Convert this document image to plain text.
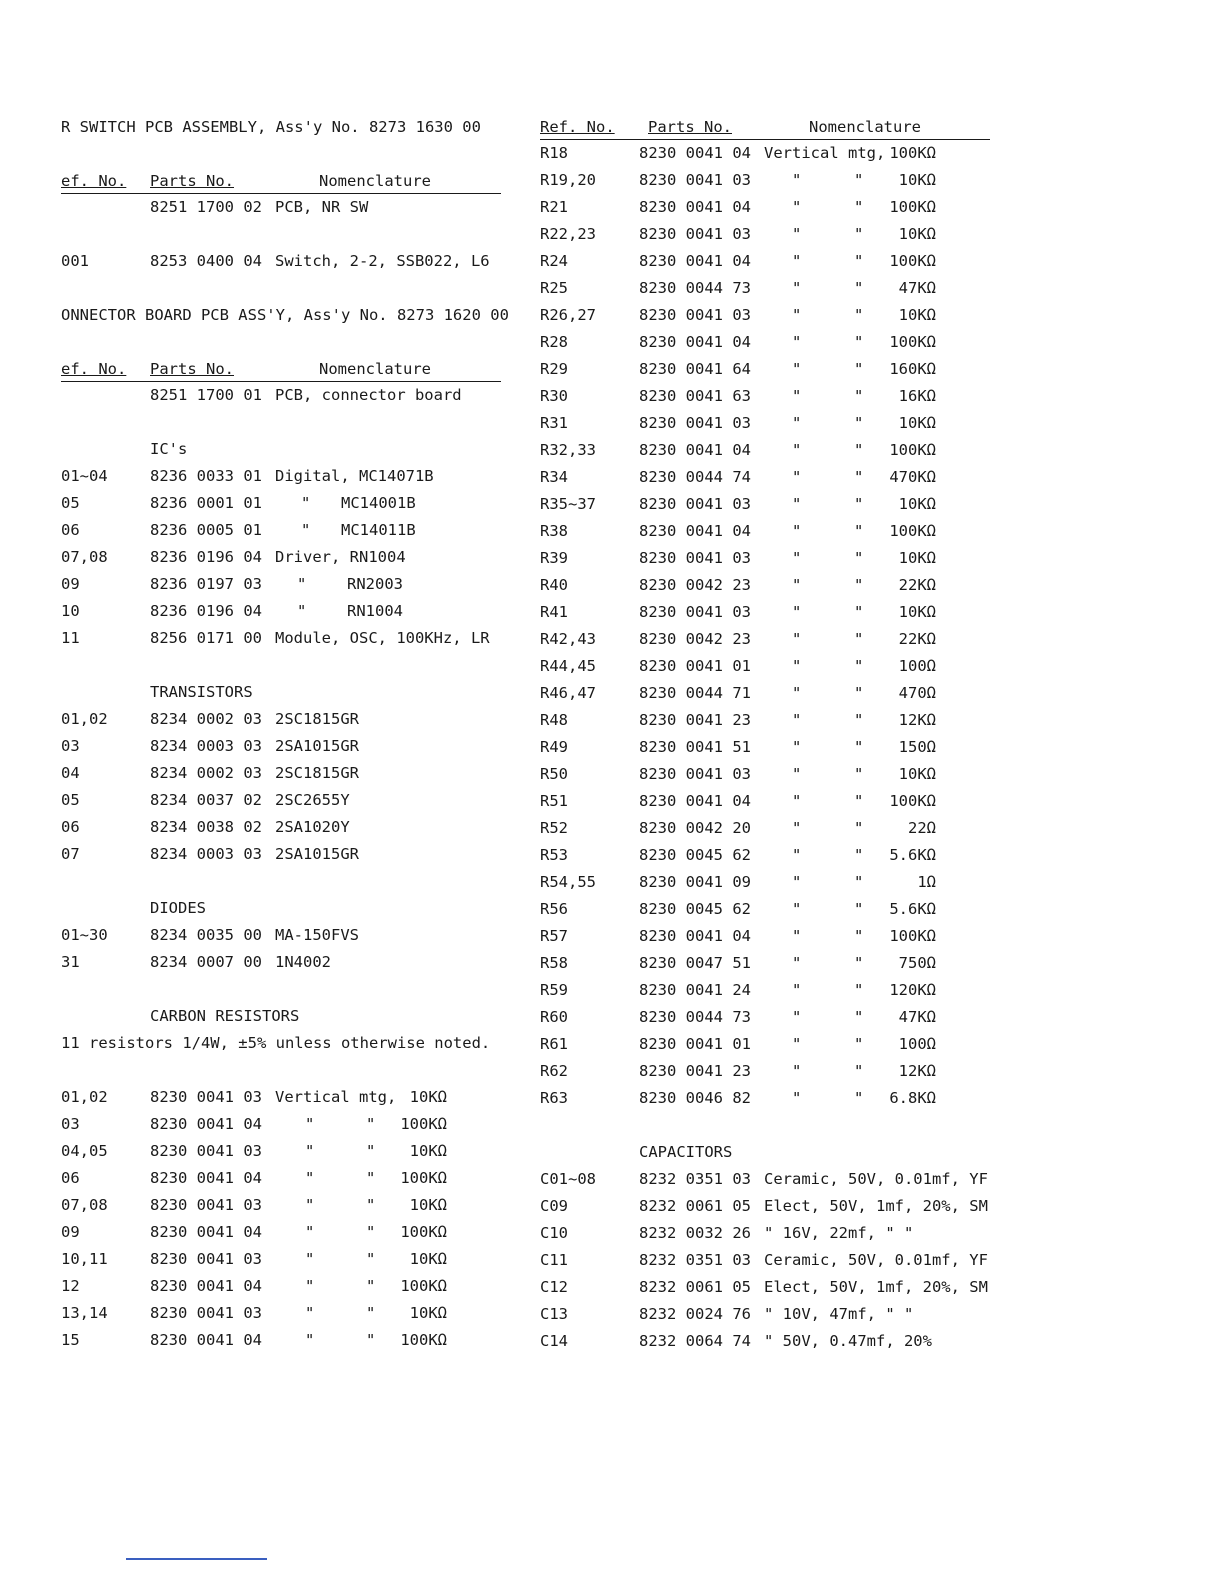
R SWITCH PCB ASSEMBLY, Ass'y No. 8273 1630 00
ef. No. Parts No.	Nomenclature
8251 1700 02 PCB, NR SW
001	8253 0400 04 Switch, 2-2, SSB022, L6
ONNECTOR BOARD PCB ASS'Y, Ass'y No. 8273 1620 00
ef. No. Parts No.	Nomenclature
8251 1700 01 PCB, connector board
IC's
01~04	8236 0033 01 Digital, MC14071B
05	8236 0001 01	" MC14001B
06	8236 0005 01	" MC14011B
07,08	8236 0196 04 Driver, RN1004
09	8236 0197 03 "	RN2003
10	8236 0196 04 "	RN1004
11	8256 0171 00 Module, OSC, 100KHz, LR
TRANSISTORS
01,02	8234 0002 03 2SC1815GR
03	8234 0003 03 2SA1015GR
04	8234 0002 03 2SC1815GR
05	8234 0037 02 2SC2655Y
06	8234 0038 02 2SA1020Y
07	8234 0003 03 2SA1015GR
DIODES
01~30	8234 0035 00 MA-150FVS
31	8234 0007 00 1N4002
CARBON RESISTORS
11 resistors 1/4W, ±5% unless otherwise noted.
01,02	8230 0041 03 Vertical mtg, 10KΩ
03	8230 0041 04	"	" 100KΩ
04,05	8230 0041 03	"	" 10KΩ
06	8230 0041 04	"	" 100KΩ
07,08	8230 0041 03	"	" 10KΩ
09	8230 0041 04	"	" 100KΩ
10,11	8230 0041 03	"	" 10KΩ
12	8230 0041 04	"	" 100KΩ
13,14	8230 0041 03	"	" 10KΩ
15	8230 0041 04	"	" 100KΩ
Ref. No. Parts No.	Nomenclature
R18	8230 0041 04 Vertical mtg, 100KΩ
R19,20	8230 0041 03	"	" 10KΩ
R21	8230 0041 04	"	" 100KΩ
R22,23	8230 0041 03	"	" 10KΩ
R24	8230 0041 04	"	" 100KΩ
R25	8230 0044 73	"	" 47KΩ
R26,27	8230 0041 03	"	" 10KΩ
R28	8230 0041 04	"	" 100KΩ
R29	8230 0041 64	"	" 160KΩ
R30	8230 0041 63	"	" 16KΩ
R31	8230 0041 03	"	" 10KΩ
R32,33	8230 0041 04	"	" 100KΩ
R34	8230 0044 74	"	" 470KΩ
R35~37	8230 0041 03	"	" 10KΩ
R38	8230 0041 04	"	" 100KΩ
R39	8230 0041 03	"	" 10KΩ
R40	8230 0042 23	"	" 22KΩ
R41	8230 0041 03	"	" 10KΩ
R42,43	8230 0042 23	"	" 22KΩ
R44,45	8230 0041 01	"	" 100Ω
R46,47	8230 0044 71	"	" 470Ω
R48	8230 0041 23	"	" 12KΩ
R49	8230 0041 51	"	" 150Ω
R50	8230 0041 03	"	" 10KΩ
R51	8230 0041 04	"	" 100KΩ
R52	8230 0042 20	"	"	22Ω
R53	8230 0045 62	"	" 5.6KΩ
R54,55	8230 0041 09	"	"	1Ω
R56	8230 0045 62	"	" 5.6KΩ
R57	8230 0041 04	"	" 100KΩ
R58	8230 0047 51	"	" 750Ω
R59	8230 0041 24	"	" 120KΩ
R60	8230 0044 73	"	" 47KΩ
R61	8230 0041 01	"	" 100Ω
R62	8230 0041 23	"	" 12KΩ
R63	8230 0046 82	"	" 6.8KΩ
CAPACITORS
C01~08	8232 0351 03 Ceramic, 50V, 0.01mf, YF
C09	8232 0061 05 Elect, 50V, 1mf, 20%, SM
C10	8232 0032 26 " 16V, 22mf, " "
C11	8232 0351 03 Ceramic, 50V, 0.01mf, YF
C12	8232 0061 05 Elect, 50V, 1mf, 20%, SM
C13	8232 0024 76 " 10V, 47mf, " "
C14	8232 0064 74 " 50V, 0.47mf, 20%
